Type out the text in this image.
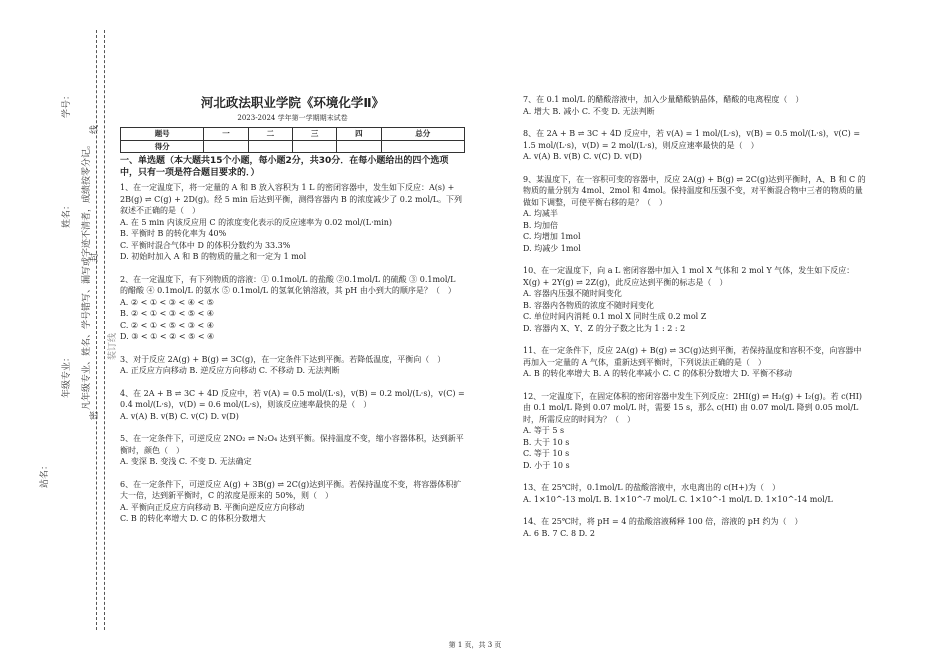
学号：
姓名：
年级专业：
站名：
凡年级专业、姓名、学号错写、漏写或字迹不清者，成绩按零分记。
密
封
线
装订线
河北政法职业学院《环境化学Ⅱ》
2023-2024 学年第一学期期末试卷
题号	一	二	三	四	总分
得分					
一、单选题（本大题共15个小题，每小题2分，共30分．在每小题给出的四个选项中，只有一项是符合题目要求的．）

1、在一定温度下，将一定量的 A 和 B 放入容积为 1 L 的密闭容器中，发生如下反应：A(s) + 2B(g) ⇌ C(g) + 2D(g)。经 5 min 后达到平衡，测得容器内 B 的浓度减少了 0.2 mol/L。下列叙述不正确的是（　）

A. 在 5 min 内该反应用 C 的浓度变化表示的反应速率为 0.02 mol/(L·min)

B. 平衡时 B 的转化率为 40%

C. 平衡时混合气体中 D 的体积分数约为 33.3%

D. 初始时加入 A 和 B 的物质的量之和一定为 1 mol

2、在一定温度下，有下列物质的溶液：① 0.1mol/L 的盐酸 ②0.1mol/L 的硫酸 ③ 0.1mol/L 的醋酸 ④ 0.1mol/L 的氨水 ⑤ 0.1mol/L 的氢氧化钠溶液，其 pH 由小到大的顺序是？（　）

A. ② < ① < ③ < ④ < ⑤

B. ② < ① < ③ < ⑤ < ④

C. ② < ① < ⑤ < ③ < ④

D. ③ < ① < ② < ⑤ < ④

3、对于反应 2A(g) + B(g) ⇌ 3C(g)，在一定条件下达到平衡。若降低温度，平衡向（　）

A. 正反应方向移动 B. 逆反应方向移动 C. 不移动 D. 无法判断

4、在 2A + B ⇌ 3C + 4D 反应中，若 v(A) = 0.5 mol/(L·s)，v(B) = 0.2 mol/(L·s)，v(C) = 0.4 mol/(L·s)，v(D) = 0.6 mol/(L·s)，则该反应速率最快的是（　）

A. v(A) B. v(B) C. v(C) D. v(D)

5、在一定条件下，可逆反应 2NO₂ ⇌ N₂O₄ 达到平衡。保持温度不变，缩小容器体积，达到新平衡时，颜色（　）

A. 变深 B. 变浅 C. 不变 D. 无法确定

6、在一定条件下，可逆反应 A(g) + 3B(g) ⇌ 2C(g)达到平衡。若保持温度不变，将容器体积扩大一倍，达到新平衡时，C 的浓度是原来的 50%，则（　）

A. 平衡向正反应方向移动 B. 平衡向逆反应方向移动

C. B 的转化率增大 D. C 的体积分数增大

7、在 0.1 mol/L 的醋酸溶液中，加入少量醋酸钠晶体，醋酸的电离程度（　）

A. 增大 B. 减小 C. 不变 D. 无法判断

8、在 2A + B ⇌ 3C + 4D 反应中，若 v(A) = 1 mol/(L·s)，v(B) = 0.5 mol/(L·s)，v(C) = 1.5 mol/(L·s)，v(D) = 2 mol/(L·s)，则反应速率最快的是（　）

A. v(A) B. v(B) C. v(C) D. v(D)

9、某温度下，在一容积可变的容器中，反应 2A(g) + B(g) ⇌ 2C(g)达到平衡时，A、B 和 C 的物质的量分别为 4mol、2mol 和 4mol。保持温度和压强不变，对平衡混合物中三者的物质的量做如下调整，可使平衡右移的是？（　）

A. 均减半

B. 均加倍

C. 均增加 1mol

D. 均减少 1mol

10、在一定温度下，向 a L 密闭容器中加入 1 mol X 气体和 2 mol Y 气体，发生如下反应：X(g) + 2Y(g) ⇌ 2Z(g)，此反应达到平衡的标志是（　）

A. 容器内压强不随时间变化

B. 容器内各物质的浓度不随时间变化

C. 单位时间内消耗 0.1 mol X 同时生成 0.2 mol Z

D. 容器内 X、Y、Z 的分子数之比为 1 : 2 : 2

11、在一定条件下，反应 2A(g) + B(g) ⇌ 3C(g)达到平衡，若保持温度和容积不变，向容器中再加入一定量的 A 气体，重新达到平衡时，下列说法正确的是（　）

A. B 的转化率增大 B. A 的转化率减小 C. C 的体积分数增大 D. 平衡不移动

12、一定温度下，在固定体积的密闭容器中发生下列反应：2HI(g) ⇌ H₂(g) + I₂(g)。若 c(HI) 由 0.1 mol/L 降到 0.07 mol/L 时，需要 15 s，那么 c(HI) 由 0.07 mol/L 降到 0.05 mol/L 时，所需反应的时间为？（　）

A. 等于 5 s

B. 大于 10 s

C. 等于 10 s

D. 小于 10 s

13、在 25℃时，0.1mol/L 的盐酸溶液中，水电离出的 c(H+)为（　）

A. 1×10^-13 mol/L B. 1×10^-7 mol/L C. 1×10^-1 mol/L D. 1×10^-14 mol/L

14、在 25℃时，将 pH = 4 的盐酸溶液稀释 100 倍，溶液的 pH 约为（　）

A. 6 B. 7 C. 8 D. 2

第 1 页，共 3 页
